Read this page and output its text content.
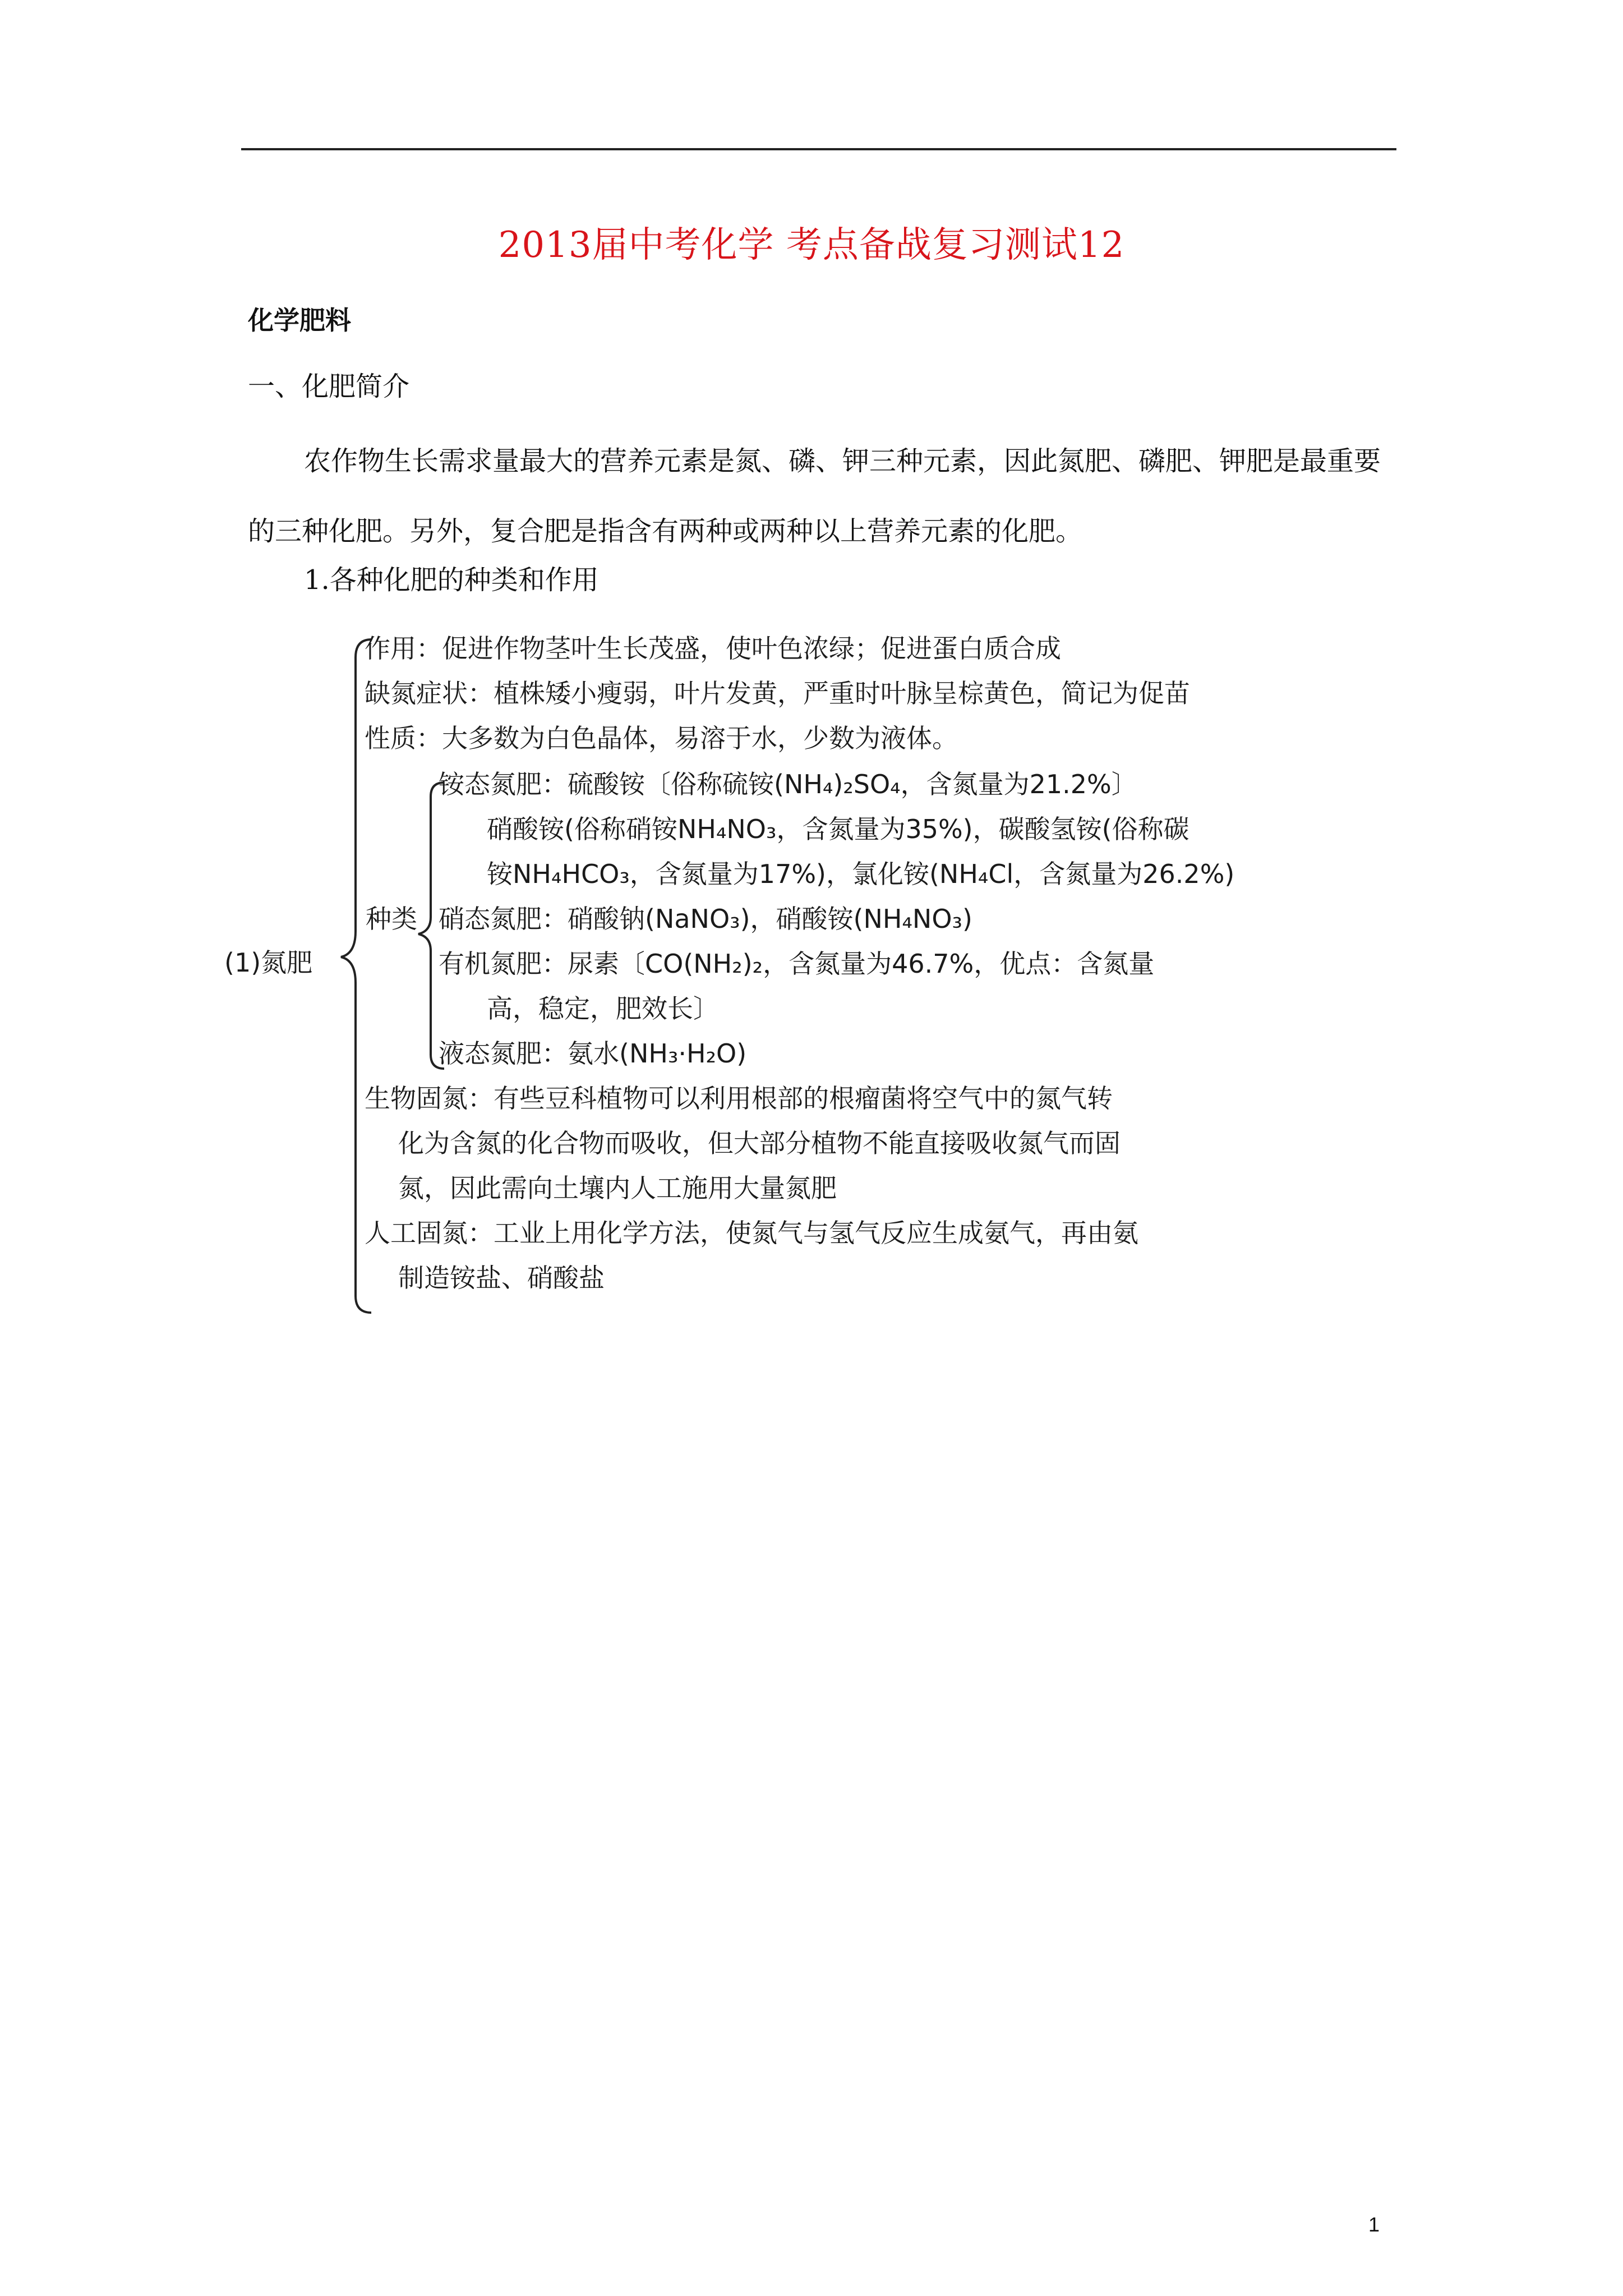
2013届中考化学 考点备战复习测试12
化学肥料
一、化肥简介
农作物生长需求量最大的营养元素是氮、磷、钾三种元素，因此氮肥、磷肥、钾肥是最重要的三种化肥。另外，复合肥是指含有两种或两种以上营养元素的化肥。
1.各种化肥的种类和作用
(1)氮肥
作用：促进作物茎叶生长茂盛，使叶色浓绿；促进蛋白质合成
缺氮症状：植株矮小瘦弱，叶片发黄，严重时叶脉呈棕黄色，简记为促苗
性质：大多数为白色晶体，易溶于水，少数为液体。
铵态氮肥：硫酸铵〔俗称硫铵(NH₄)₂SO₄，含氮量为21.2%〕
硝酸铵(俗称硝铵NH₄NO₃，含氮量为35%)，碳酸氢铵(俗称碳
铵NH₄HCO₃，含氮量为17%)，氯化铵(NH₄Cl，含氮量为26.2%)
种类 硝态氮肥：硝酸钠(NaNO₃)，硝酸铵(NH₄NO₃)
有机氮肥：尿素〔CO(NH₂)₂，含氮量为46.7%，优点：含氮量
高，稳定，肥效长〕
液态氮肥：氨水(NH₃·H₂O)
生物固氮：有些豆科植物可以利用根部的根瘤菌将空气中的氮气转
化为含氮的化合物而吸收，但大部分植物不能直接吸收氮气而固
氮，因此需向土壤内人工施用大量氮肥
人工固氮：工业上用化学方法，使氮气与氢气反应生成氨气，再由氨
制造铵盐、硝酸盐
1
